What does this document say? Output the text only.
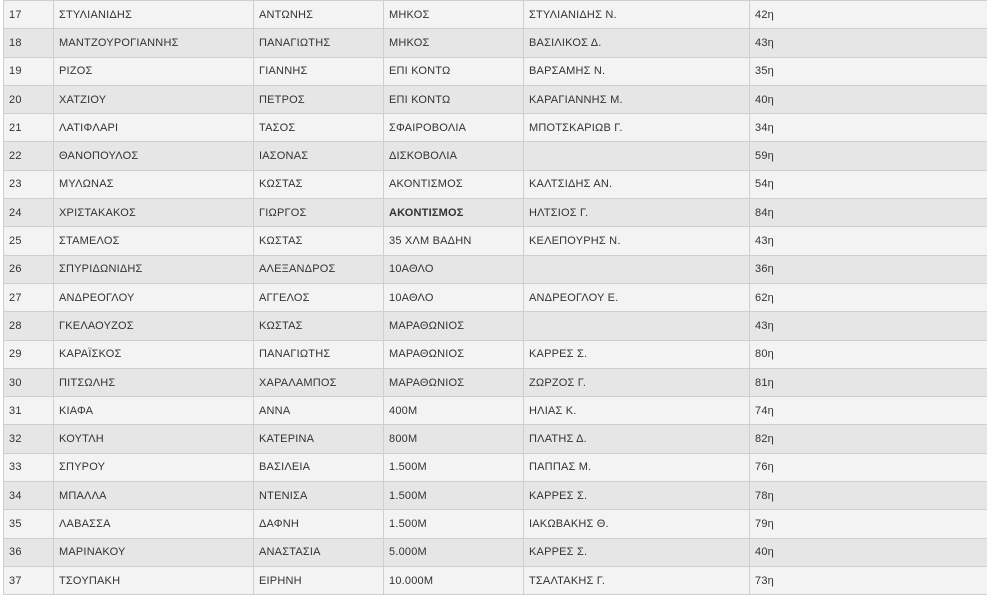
17	ΣΤΥΛΙΑΝΙΔΗΣ	ΑΝΤΩΝΗΣ	ΜΗΚΟΣ	ΣΤΥΛΙΑΝΙΔΗΣ Ν.	42η
18	ΜΑΝΤΖΟΥΡΟΓΙΑΝΝΗΣ	ΠΑΝΑΓΙΩΤΗΣ	ΜΗΚΟΣ	ΒΑΣΙΛΙΚΟΣ Δ.	43η
19	ΡΙΖΟΣ	ΓΙΑΝΝΗΣ	ΕΠΙ ΚΟΝΤΩ	ΒΑΡΣΑΜΗΣ Ν.	35η
20	ΧΑΤΖΙΟΥ	ΠΕΤΡΟΣ	ΕΠΙ ΚΟΝΤΩ	ΚΑΡΑΓΙΑΝΝΗΣ Μ.	40η
21	ΛΑΤΙΦΛΑΡΙ	ΤΑΣΟΣ	ΣΦΑΙΡΟΒΟΛΙΑ	ΜΠΟΤΣΚΑΡΙΩΒ Γ.	34η
22	ΘΑΝΟΠΟΥΛΟΣ	ΙΑΣΟΝΑΣ	ΔΙΣΚΟΒΟΛΙΑ		59η
23	ΜΥΛΩΝΑΣ	ΚΩΣΤΑΣ	ΑΚΟΝΤΙΣΜΟΣ	ΚΑΛΤΣΙΔΗΣ ΑΝ.	54η
24	ΧΡΙΣΤΑΚΑΚΟΣ	ΓΙΩΡΓΟΣ	ΑΚΟΝΤΙΣΜΟΣ	ΗΛΤΣΙΟΣ Γ.	84η
25	ΣΤΑΜΕΛΟΣ	ΚΩΣΤΑΣ	35 ΧΛΜ ΒΑΔΗΝ	ΚΕΛΕΠΟΥΡΗΣ Ν.	43η
26	ΣΠΥΡΙΔΩΝΙΔΗΣ	ΑΛΕΞΑΝΔΡΟΣ	10ΑΘΛΟ		36η
27	ΑΝΔΡΕΟΓΛΟΥ	ΑΓΓΕΛΟΣ	10ΑΘΛΟ	ΑΝΔΡΕΟΓΛΟΥ Ε.	62η
28	ΓΚΕΛΑΟΥΖΟΣ	ΚΩΣΤΑΣ	ΜΑΡΑΘΩΝΙΟΣ		43η
29	ΚΑΡΑΪΣΚΟΣ	ΠΑΝΑΓΙΩΤΗΣ	ΜΑΡΑΘΩΝΙΟΣ	ΚΑΡΡΕΣ Σ.	80η
30	ΠΙΤΣΩΛΗΣ	ΧΑΡΑΛΑΜΠΟΣ	ΜΑΡΑΘΩΝΙΟΣ	ΖΩΡΖΟΣ Γ.	81η
31	ΚΙΑΦΑ	ΑΝΝΑ	400Μ	ΗΛΙΑΣ Κ.	74η
32	ΚΟΥΤΛΗ	ΚΑΤΕΡΙΝΑ	800Μ	ΠΛΑΤΗΣ Δ.	82η
33	ΣΠΥΡΟΥ	ΒΑΣΙΛΕΙΑ	1.500Μ	ΠΑΠΠΑΣ Μ.	76η
34	ΜΠΑΛΛΑ	ΝΤΕΝΙΣΑ	1.500Μ	ΚΑΡΡΕΣ Σ.	78η
35	ΛΑΒΑΣΣΑ	ΔΑΦΝΗ	1.500Μ	ΙΑΚΩΒΑΚΗΣ Θ.	79η
36	ΜΑΡΙΝΑΚΟΥ	ΑΝΑΣΤΑΣΙΑ	5.000Μ	ΚΑΡΡΕΣ Σ.	40η
37	ΤΣΟΥΠΑΚΗ	ΕΙΡΗΝΗ	10.000Μ	ΤΣΑΛΤΑΚΗΣ Γ.	73η
